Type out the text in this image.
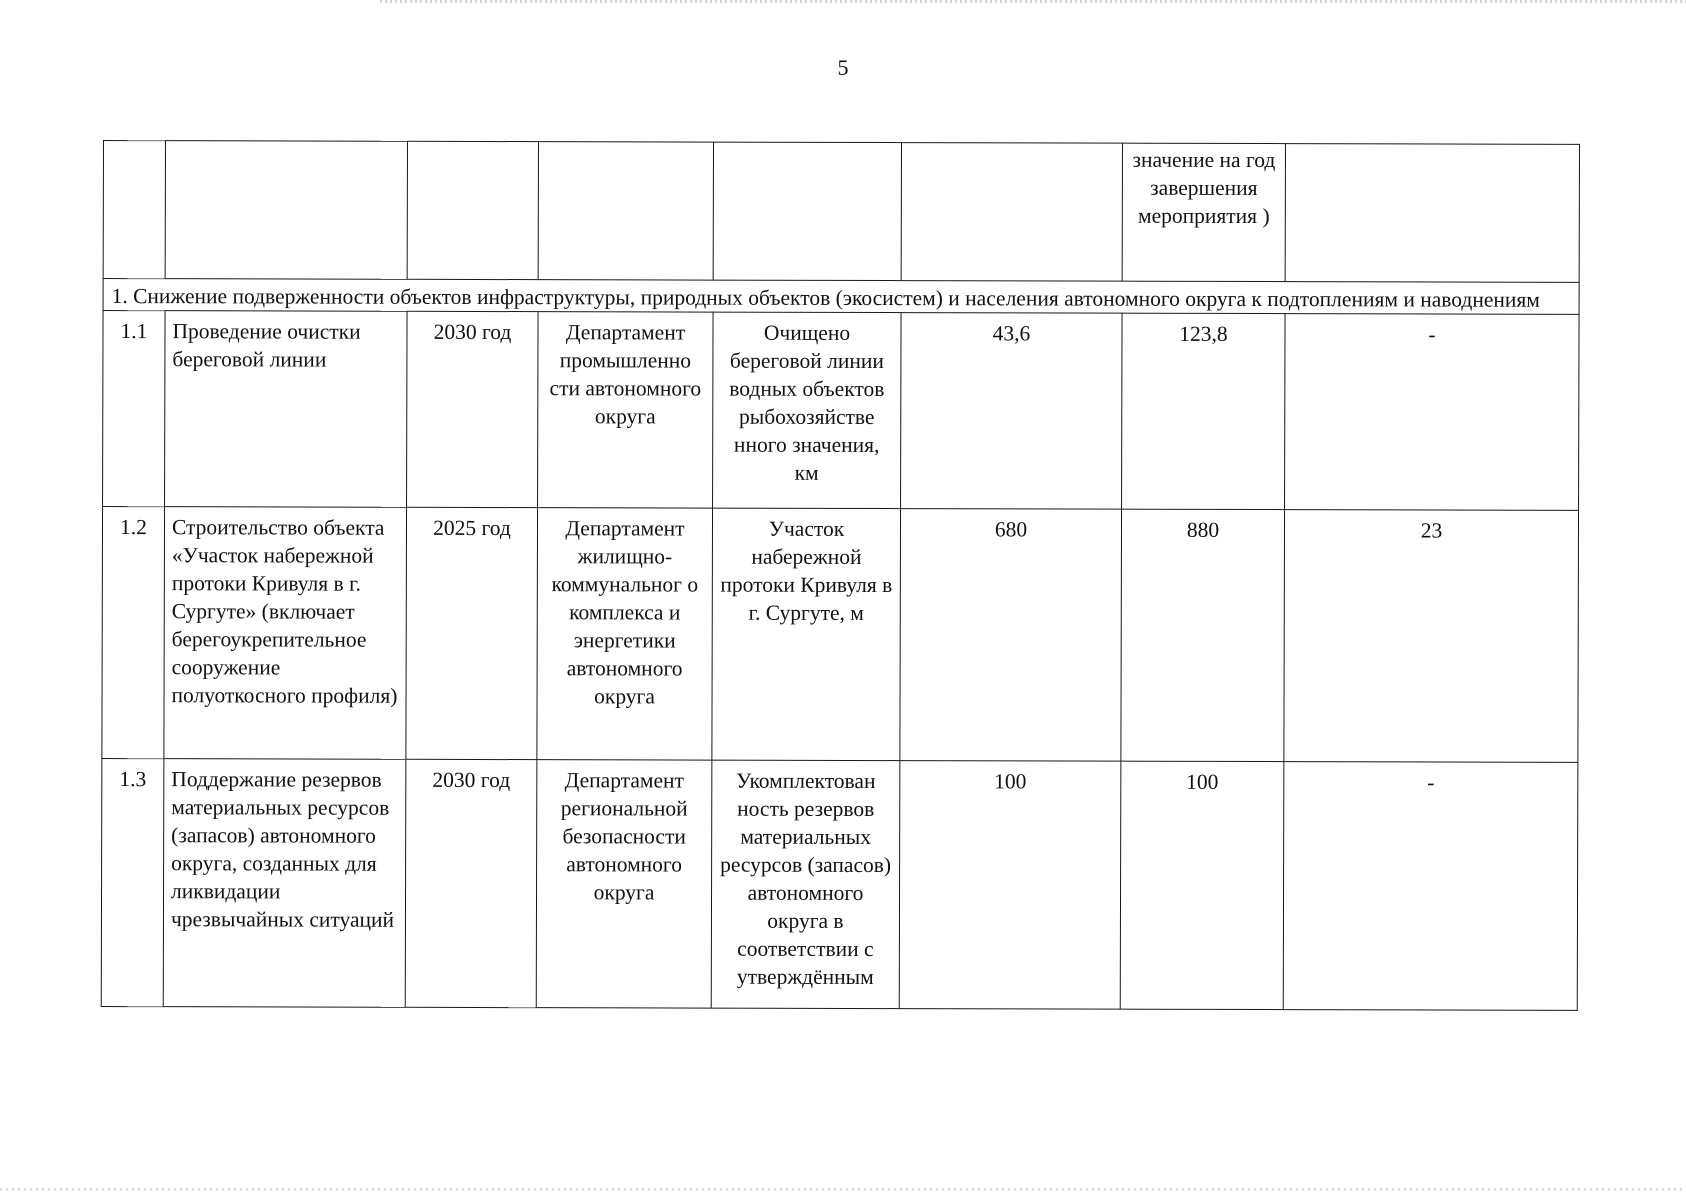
5
						значение на год завершения мероприятия )	
1. Снижение подверженности объектов инфраструктуры, природных объектов (экосистем) и населения автономного округа к подтоплениям и наводнениям							
1.1	Проведение очистки береговой линии	2030 год	Департамент промышленно сти автономного округа	Очищено береговой линии водных объектов рыбохозяйстве нного значения, км	43,6	123,8	-
1.2	Строительство объекта «Участок набережной протоки Кривуля в г. Сургуте» (включает берегоукрепительное сооружение полуоткосного профиля)	2025 год	Департамент жилищно-коммунальног о комплекса и энергетики автономного округа	Участок набережной протоки Кривуля в г. Сургуте, м	680	880	23
1.3	Поддержание резервов материальных ресурсов (запасов) автономного округа, созданных для ликвидации чрезвычайных ситуаций	2030 год	Департамент региональной безопасности автономного округа	Укомплектован ность резервов материальных ресурсов (запасов) автономного округа в соответствии с утверждённым	100	100	-
